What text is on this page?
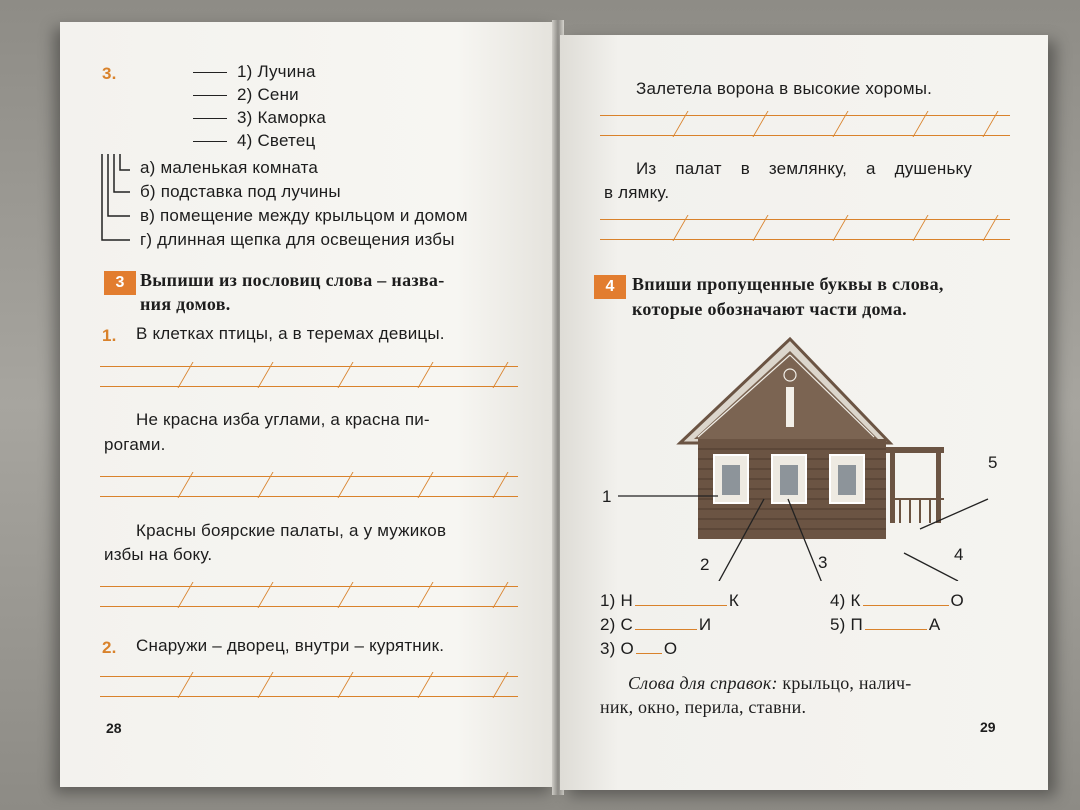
3.	1) Лучина
2) Сени
3) Каморка
4) Светец
а) маленькая комната
б) подставка под лучины
в) помещение между крыльцом и домом
г) длинная щепка для освещения избы
3 Выпиши из пословиц слова – назва-
ния домов.
1. В клетках птицы, а в теремах девицы.
Не красна изба углами, а красна пи-
рогами.
Красны боярские палаты, а у мужиков
избы на боку.
2. Снаружи – дворец, внутри – курятник.
28
Залетела ворона в высокие хоромы.
Из палат в землянку, а душеньку
в лямку.
4 Впиши пропущенные буквы в слова,
которые обозначают части дома.
1
2	3	4
5
1) Н	К
2) С	И
3) О О
4) К	О
5) П	А
Слова для справок: крыльцо, налич-
ник, окно, перила, ставни.
29
